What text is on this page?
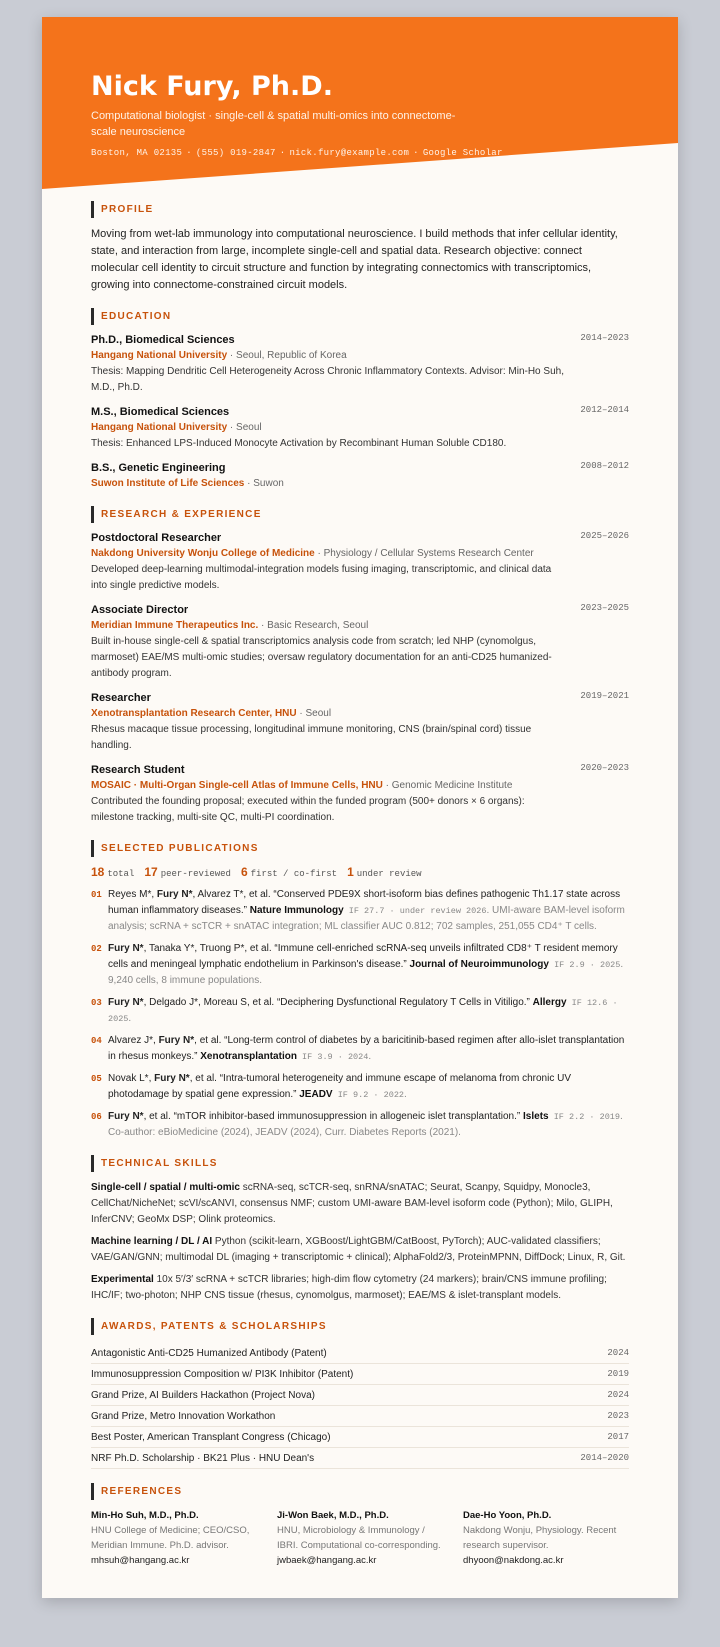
Nick Fury, Ph.D.
Computational biologist · single-cell & spatial multi-omics into connectome-scale neuroscience
Boston, MA 02135 · (555) 019-2847 · nick.fury@example.com · Google Scholar
PROFILE

Moving from wet-lab immunology into computational neuroscience. I build methods that infer cellular identity, state, and interaction from large, incomplete single-cell and spatial data. Research objective: connect molecular cell identity to circuit structure and function by integrating connectomics with transcriptomics, growing into connectome-constrained circuit models.

EDUCATION
Ph.D., Biomedical Sciences	2014–2023
Hangang National University · Seoul, Republic of Korea
Thesis: Mapping Dendritic Cell Heterogeneity Across Chronic Inflammatory Contexts. Advisor: Min-Ho Suh, M.D., Ph.D.
M.S., Biomedical Sciences	2012–2014
Hangang National University · Seoul
Thesis: Enhanced LPS-Induced Monocyte Activation by Recombinant Human Soluble CD180.
B.S., Genetic Engineering	2008–2012
Suwon Institute of Life Sciences · Suwon
RESEARCH & EXPERIENCE
Postdoctoral Researcher	2025–2026
Nakdong University Wonju College of Medicine · Physiology / Cellular Systems Research Center
Developed deep-learning multimodal-integration models fusing imaging, transcriptomic, and clinical data into single predictive models.
Associate Director	2023–2025
Meridian Immune Therapeutics Inc. · Basic Research, Seoul
Built in-house single-cell & spatial transcriptomics analysis code from scratch; led NHP (cynomolgus, marmoset) EAE/MS multi-omic studies; oversaw regulatory documentation for an anti-CD25 humanized-antibody program.
Researcher	2019–2021
Xenotransplantation Research Center, HNU · Seoul
Rhesus macaque tissue processing, longitudinal immune monitoring, CNS (brain/spinal cord) tissue handling.
Research Student	2020–2023
MOSAIC · Multi-Organ Single-cell Atlas of Immune Cells, HNU · Genomic Medicine Institute
Contributed the founding proposal; executed within the funded program (500+ donors × 6 organs): milestone tracking, multi-site QC, multi-PI coordination.
SELECTED PUBLICATIONS
18 total 17 peer-reviewed 6 first / co-first 1 under review
01 Reyes M*, Fury N*, Alvarez T*, et al. “Conserved PDE9X short-isoform bias defines pathogenic Th1.17 state across human inflammatory diseases.” Nature Immunology IF 27.7 · under review 2026. UMI-aware BAM-level isoform analysis; scRNA + scTCR + snATAC integration; ML classifier AUC 0.812; 702 samples, 251,055 CD4⁺ T cells.
02 Fury N*, Tanaka Y*, Truong P*, et al. “Immune cell-enriched scRNA-seq unveils infiltrated CD8⁺ T resident memory cells and meningeal lymphatic endothelium in Parkinson's disease.” Journal of Neuroimmunology IF 2.9 · 2025. 9,240 cells, 8 immune populations.
03 Fury N*, Delgado J*, Moreau S, et al. “Deciphering Dysfunctional Regulatory T Cells in Vitiligo.” Allergy IF 12.6 · 2025.
04 Alvarez J*, Fury N*, et al. “Long-term control of diabetes by a baricitinib-based regimen after allo-islet transplantation in rhesus monkeys.” Xenotransplantation IF 3.9 · 2024.
05 Novak L*, Fury N*, et al. “Intra-tumoral heterogeneity and immune escape of melanoma from chronic UV photodamage by spatial gene expression.” JEADV IF 9.2 · 2022.
06 Fury N*, et al. “mTOR inhibitor-based immunosuppression in allogeneic islet transplantation.” Islets IF 2.2 · 2019. Co-author: eBioMedicine (2024), JEADV (2024), Curr. Diabetes Reports (2021).
TECHNICAL SKILLS

Single-cell / spatial / multi-omic scRNA-seq, scTCR-seq, snRNA/snATAC; Seurat, Scanpy, Squidpy, Monocle3, CellChat/NicheNet; scVI/scANVI, consensus NMF; custom UMI-aware BAM-level isoform code (Python); Milo, GLIPH, InferCNV; GeoMx DSP; Olink proteomics.

Machine learning / DL / AI Python (scikit-learn, XGBoost/LightGBM/CatBoost, PyTorch); AUC-validated classifiers; VAE/GAN/GNN; multimodal DL (imaging + transcriptomic + clinical); AlphaFold2/3, ProteinMPNN, DiffDock; Linux, R, Git.

Experimental 10x 5′/3′ scRNA + scTCR libraries; high-dim flow cytometry (24 markers); brain/CNS immune profiling; IHC/IF; two-photon; NHP CNS tissue (rhesus, cynomolgus, marmoset); EAE/MS & islet-transplant models.

AWARDS, PATENTS & SCHOLARSHIPS
Antagonistic Anti-CD25 Humanized Antibody (Patent)	2024
Immunosuppression Composition w/ PI3K Inhibitor (Patent)	2019
Grand Prize, AI Builders Hackathon (Project Nova)	2024
Grand Prize, Metro Innovation Workathon	2023
Best Poster, American Transplant Congress (Chicago)	2017
NRF Ph.D. Scholarship · BK21 Plus · HNU Dean's	2014–2020
REFERENCES
Min-Ho Suh, M.D., Ph.D.
HNU College of Medicine; CEO/CSO, Meridian Immune. Ph.D. advisor.
mhsuh@hangang.ac.kr
Ji-Won Baek, M.D., Ph.D.
HNU, Microbiology & Immunology / IBRI. Computational co-corresponding.
jwbaek@hangang.ac.kr
Dae-Ho Yoon, Ph.D.
Nakdong Wonju, Physiology. Recent research supervisor.
dhyoon@nakdong.ac.kr
